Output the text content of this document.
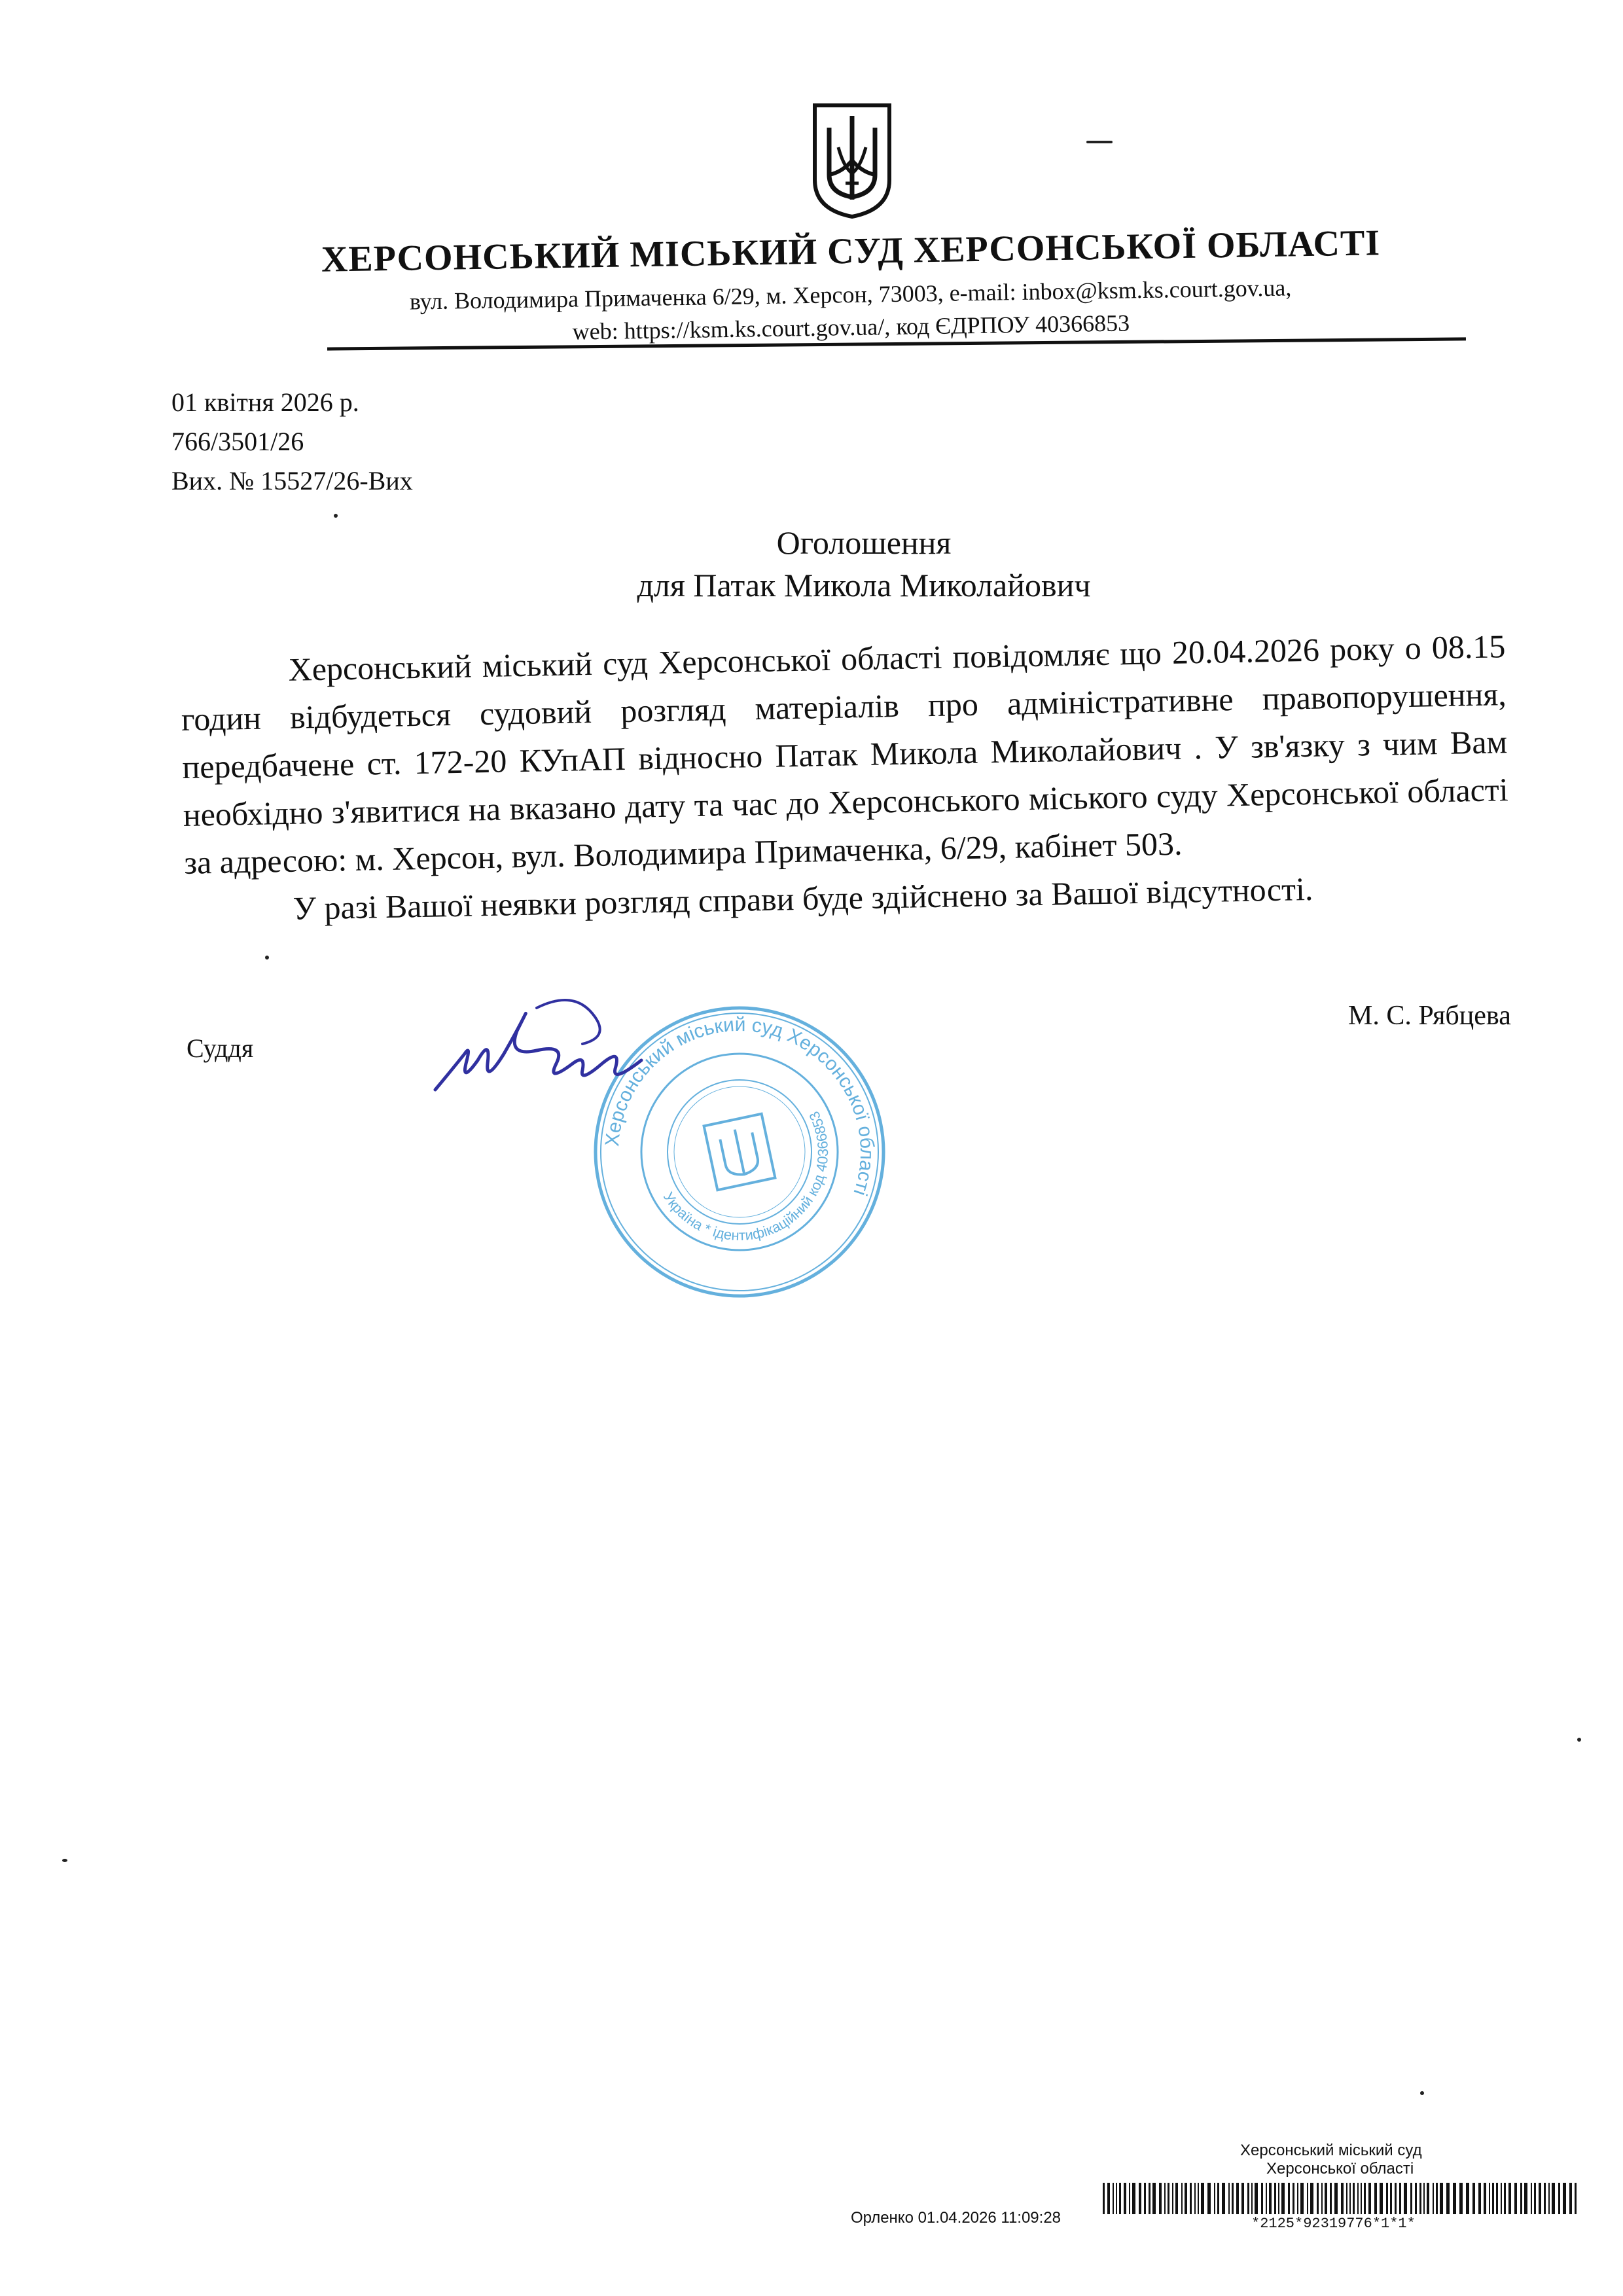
ХЕРСОНСЬКИЙ МІСЬКИЙ СУД ХЕРСОНСЬКОЇ ОБЛАСТІ
вул. Володимира Примаченка 6/29, м. Херсон, 73003, e-mail: inbox@ksm.ks.court.gov.ua,
web: https://ksm.ks.court.gov.ua/, код ЄДРПОУ 40366853
01 квітня 2026 р.
766/3501/26
Вих. № 15527/26-Вих
Оголошення
для Патак Микола Миколайович

Херсонський міський суд Херсонської області повідомляє що 20.04.2026 року о 08.15 годин відбудеться судовий розгляд матеріалів про адміністративне правопорушення, передбачене ст. 172-20 КУпАП відносно Патак Микола Миколайович . У зв'язку з чим Вам необхідно з'явитися на вказано дату та час до Херсонського міського суду Херсонської області за адресою: м. Херсон, вул. Володимира Примаченка, 6/29, кабінет 503.

У разі Вашої неявки розгляд справи буде здійснено за Вашої відсутності.

М. С. Рябцева
Суддя
Херсонський міський суд Херсонської області
Україна * ідентифікаційний код 40366853
Херсонський міський суд
Херсонської області
Орленко 01.04.2026 11:09:28	*2125*92319776*1*1*
